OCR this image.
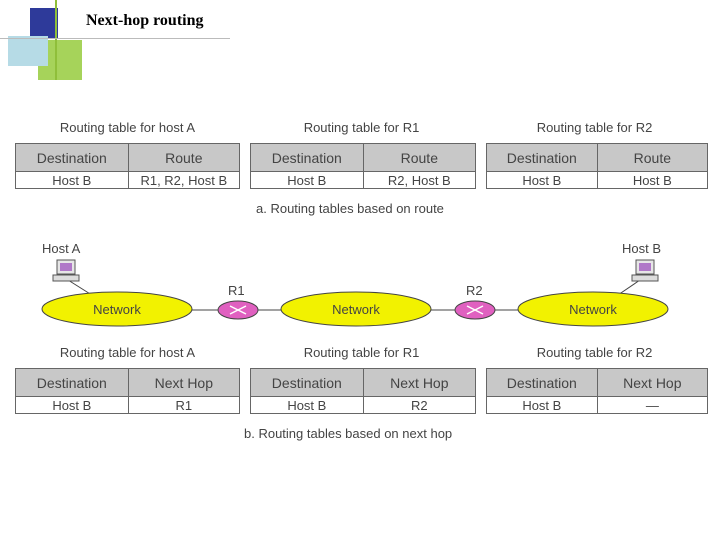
Next-hop routing
Routing table for host A
Destination	Route
Host B	R1, R2, Host B
Routing table for R1
Destination	Route
Host B	R2, Host B
Routing table for R2
Destination	Route
Host B	Host B
a. Routing tables based on route
Host A	Host B
R1	R2
Network	Network	Network
Routing table for host A
Destination	Next Hop
Host B	R1
Routing table for R1
Destination	Next Hop
Host B	R2
Routing table for R2
Destination	Next Hop
Host B	—
b. Routing tables based on next hop
